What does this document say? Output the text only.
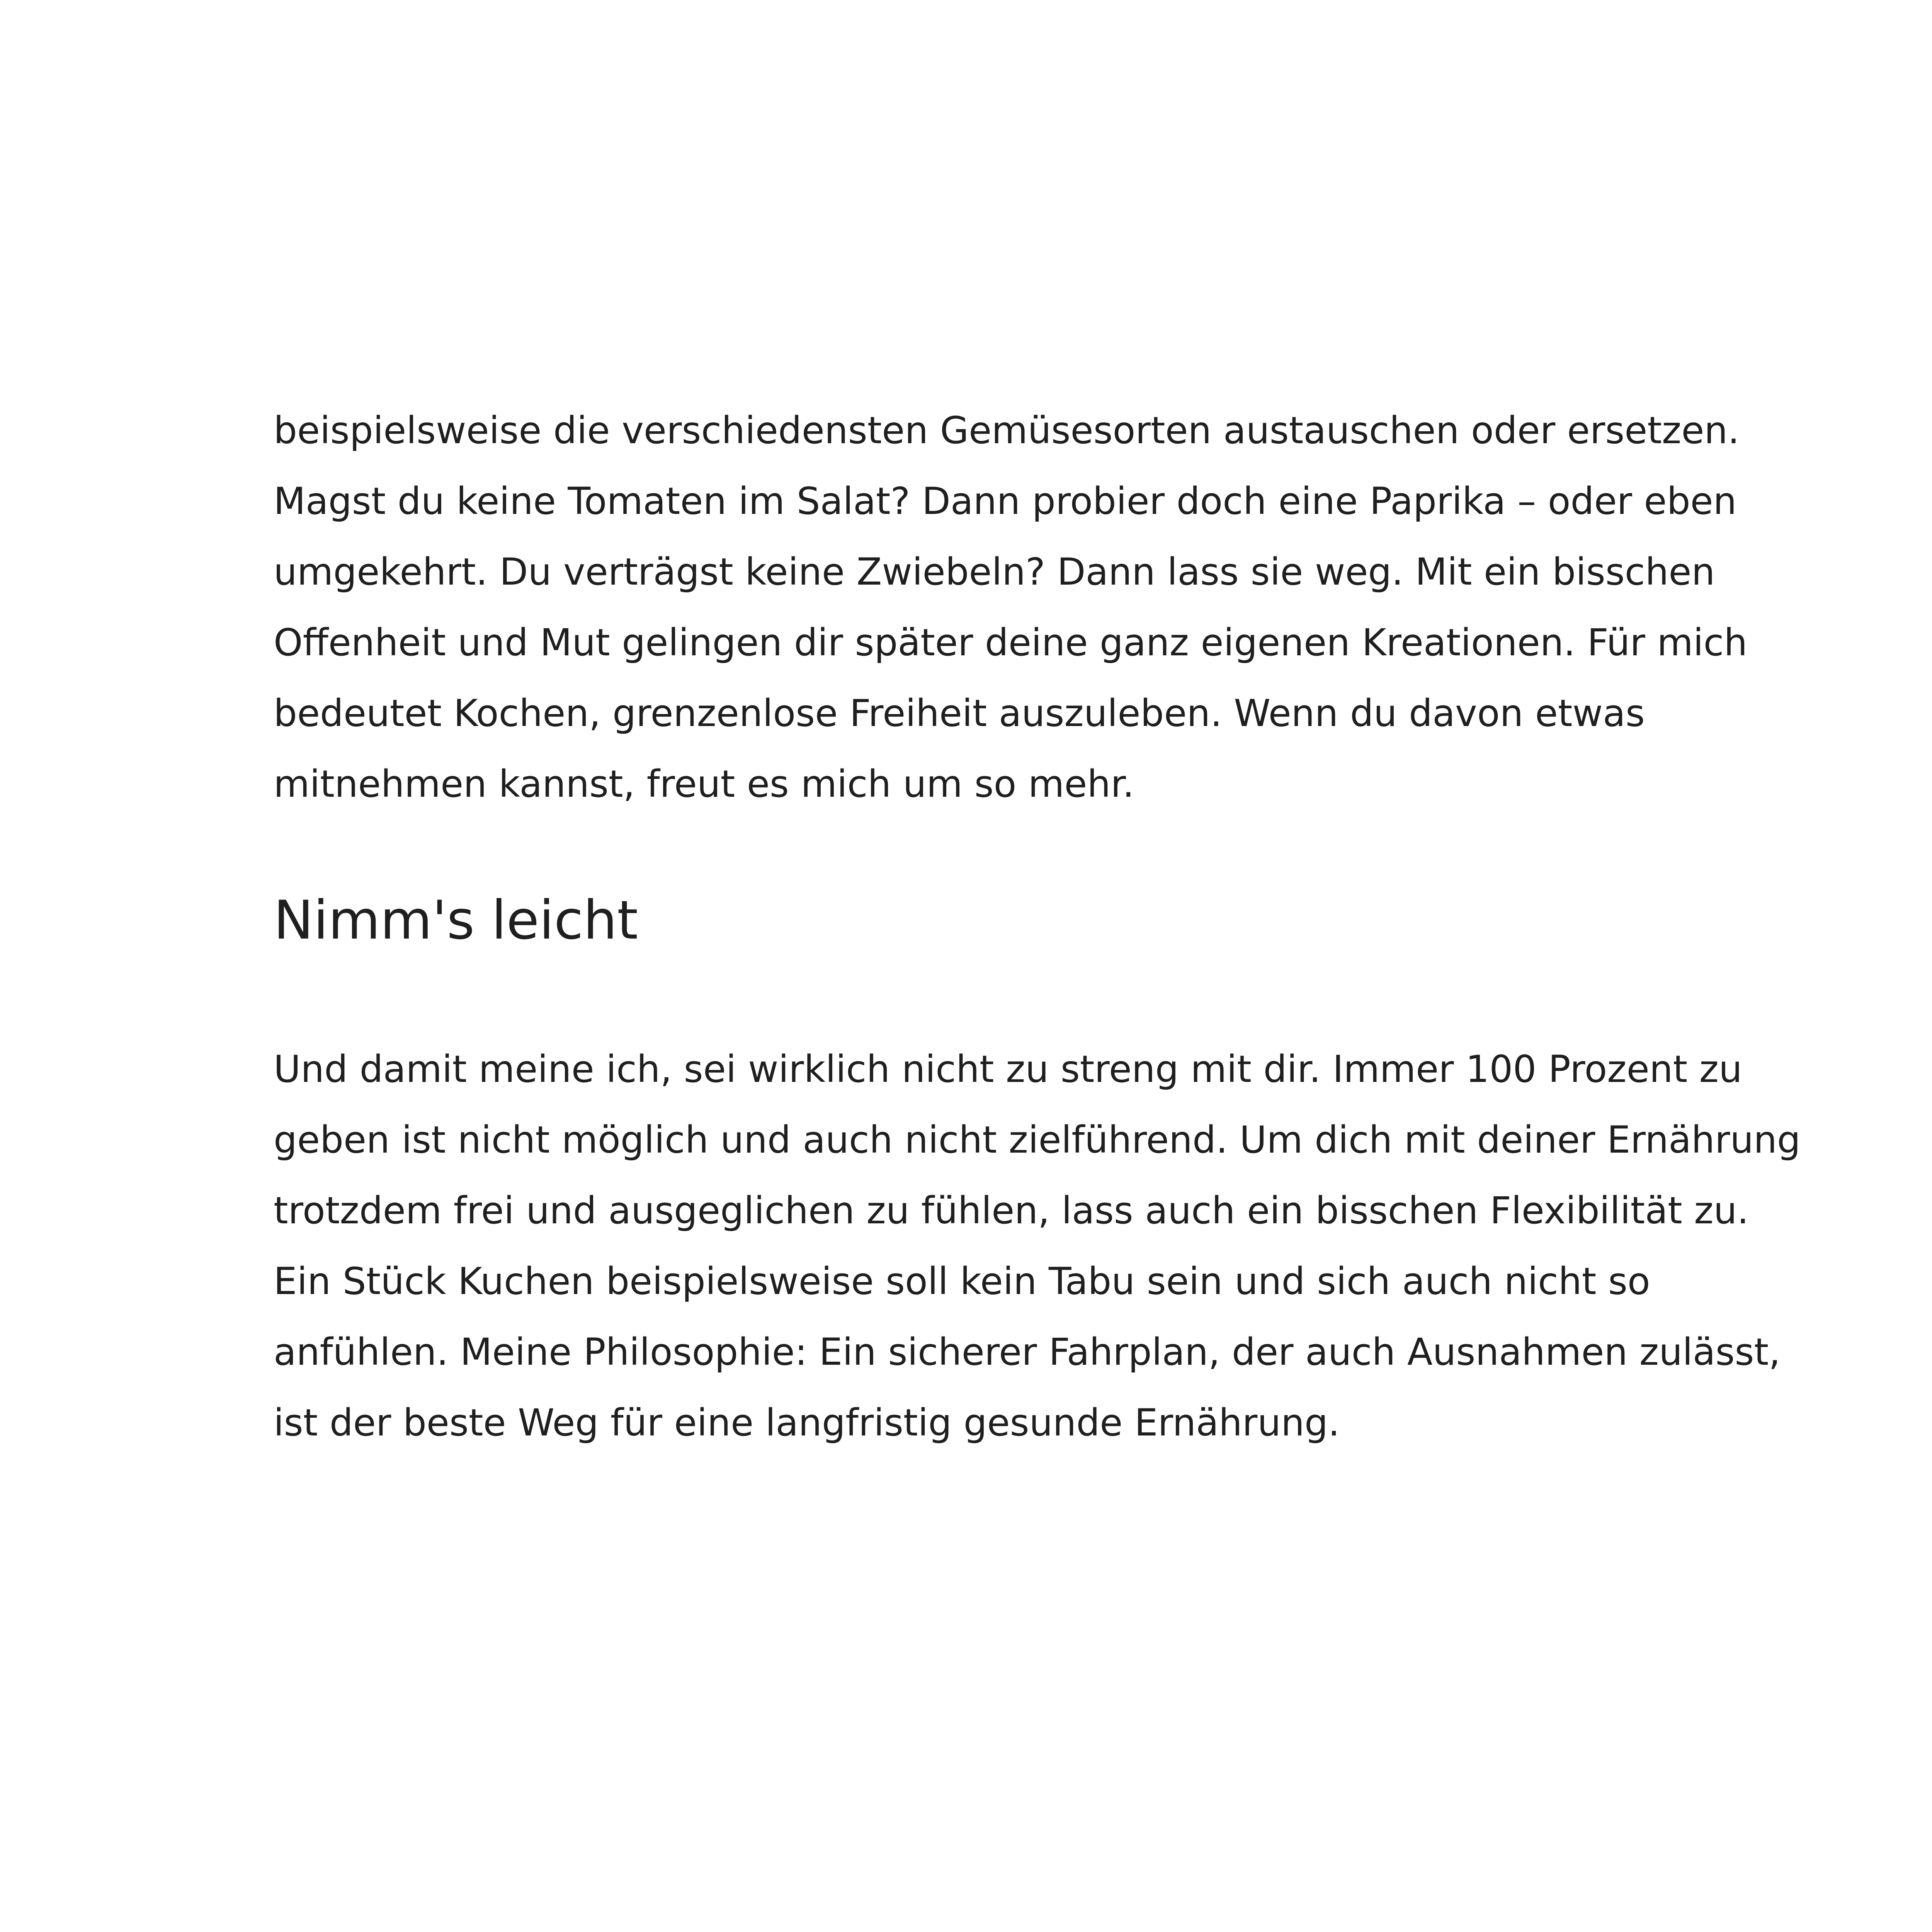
beispielsweise die verschiedensten Gemüsesorten austauschen oder ersetzen.
Magst du keine Tomaten im Salat? Dann probier doch eine Paprika – oder eben
umgekehrt. Du verträgst keine Zwiebeln? Dann lass sie weg. Mit ein bisschen
Offenheit und Mut gelingen dir später deine ganz eigenen Kreationen. Für mich
bedeutet Kochen, grenzenlose Freiheit auszuleben. Wenn du davon etwas
mitnehmen kannst, freut es mich um so mehr.

Nimm's leicht

Und damit meine ich, sei wirklich nicht zu streng mit dir. Immer 100 Prozent zu
geben ist nicht möglich und auch nicht zielführend. Um dich mit deiner Ernährung
trotzdem frei und ausgeglichen zu fühlen, lass auch ein bisschen Flexibilität zu.
Ein Stück Kuchen beispielsweise soll kein Tabu sein und sich auch nicht so
anfühlen. Meine Philosophie: Ein sicherer Fahrplan, der auch Ausnahmen zulässt,
ist der beste Weg für eine langfristig gesunde Ernährung.
